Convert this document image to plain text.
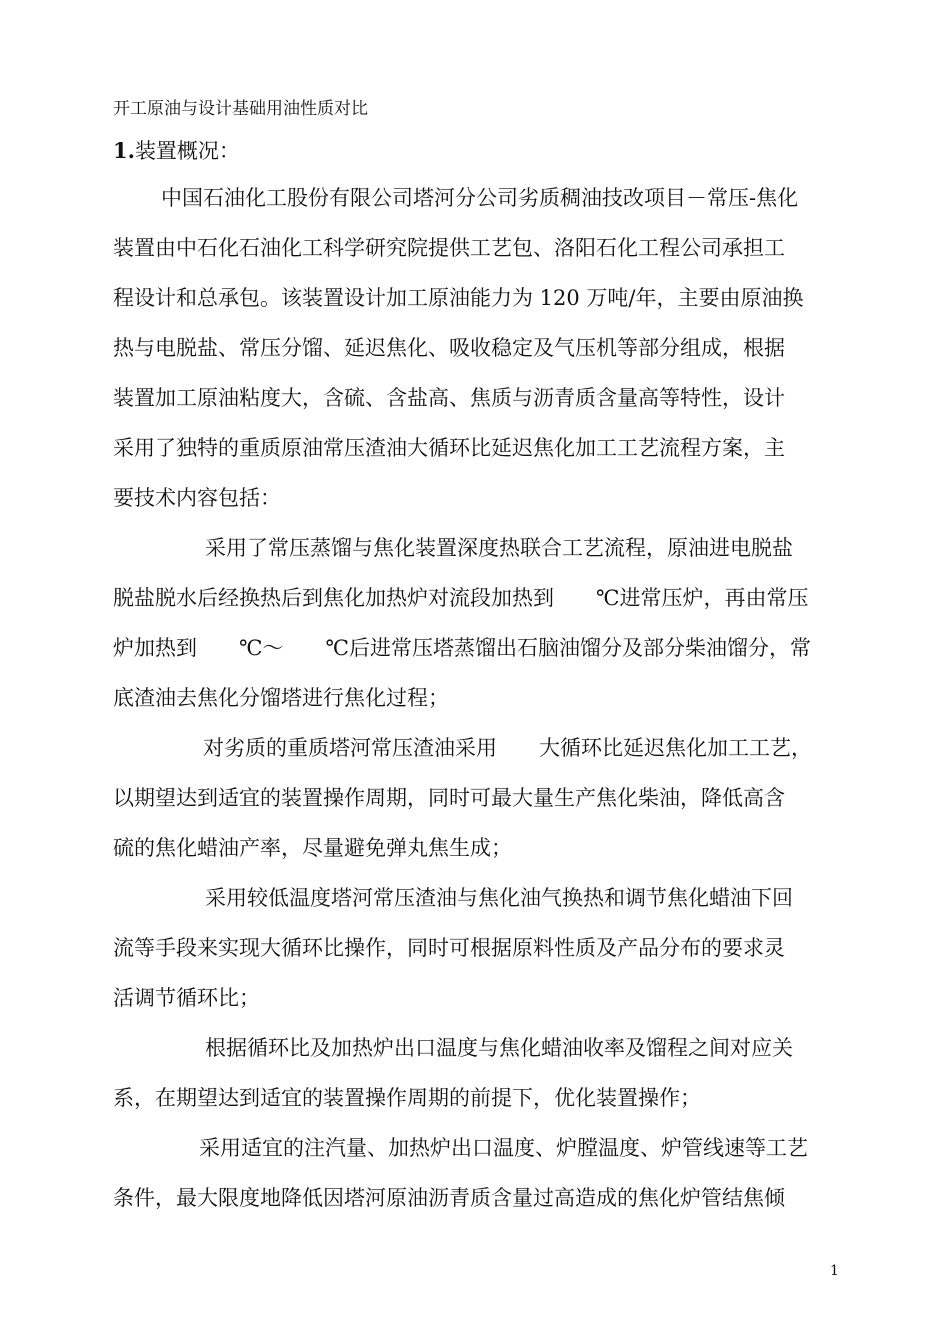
开工原油与设计基础用油性质对比
1.装置概况：
中国石油化工股份有限公司塔河分公司劣质稠油技改项目－常压-焦化
装置由中石化石油化工科学研究院提供工艺包、洛阳石化工程公司承担工
程设计和总承包。该装置设计加工原油能力为 120 万吨/年，主要由原油换
热与电脱盐、常压分馏、延迟焦化、吸收稳定及气压机等部分组成，根据
装置加工原油粘度大，含硫、含盐高、焦质与沥青质含量高等特性，设计
采用了独特的重质原油常压渣油大循环比延迟焦化加工工艺流程方案，主
要技术内容包括：
采用了常压蒸馏与焦化装置深度热联合工艺流程，原油进电脱盐
脱盐脱水后经换热后到焦化加热炉对流段加热到　　℃进常压炉，再由常压
炉加热到　　℃～　　℃后进常压塔蒸馏出石脑油馏分及部分柴油馏分，常
底渣油去焦化分馏塔进行焦化过程；
对劣质的重质塔河常压渣油采用　　大循环比延迟焦化加工工艺，
以期望达到适宜的装置操作周期，同时可最大量生产焦化柴油，降低高含
硫的焦化蜡油产率，尽量避免弹丸焦生成；
采用较低温度塔河常压渣油与焦化油气换热和调节焦化蜡油下回
流等手段来实现大循环比操作，同时可根据原料性质及产品分布的要求灵
活调节循环比；
根据循环比及加热炉出口温度与焦化蜡油收率及馏程之间对应关
系，在期望达到适宜的装置操作周期的前提下，优化装置操作；
采用适宜的注汽量、加热炉出口温度、炉膛温度、炉管线速等工艺
条件，最大限度地降低因塔河原油沥青质含量过高造成的焦化炉管结焦倾
1
